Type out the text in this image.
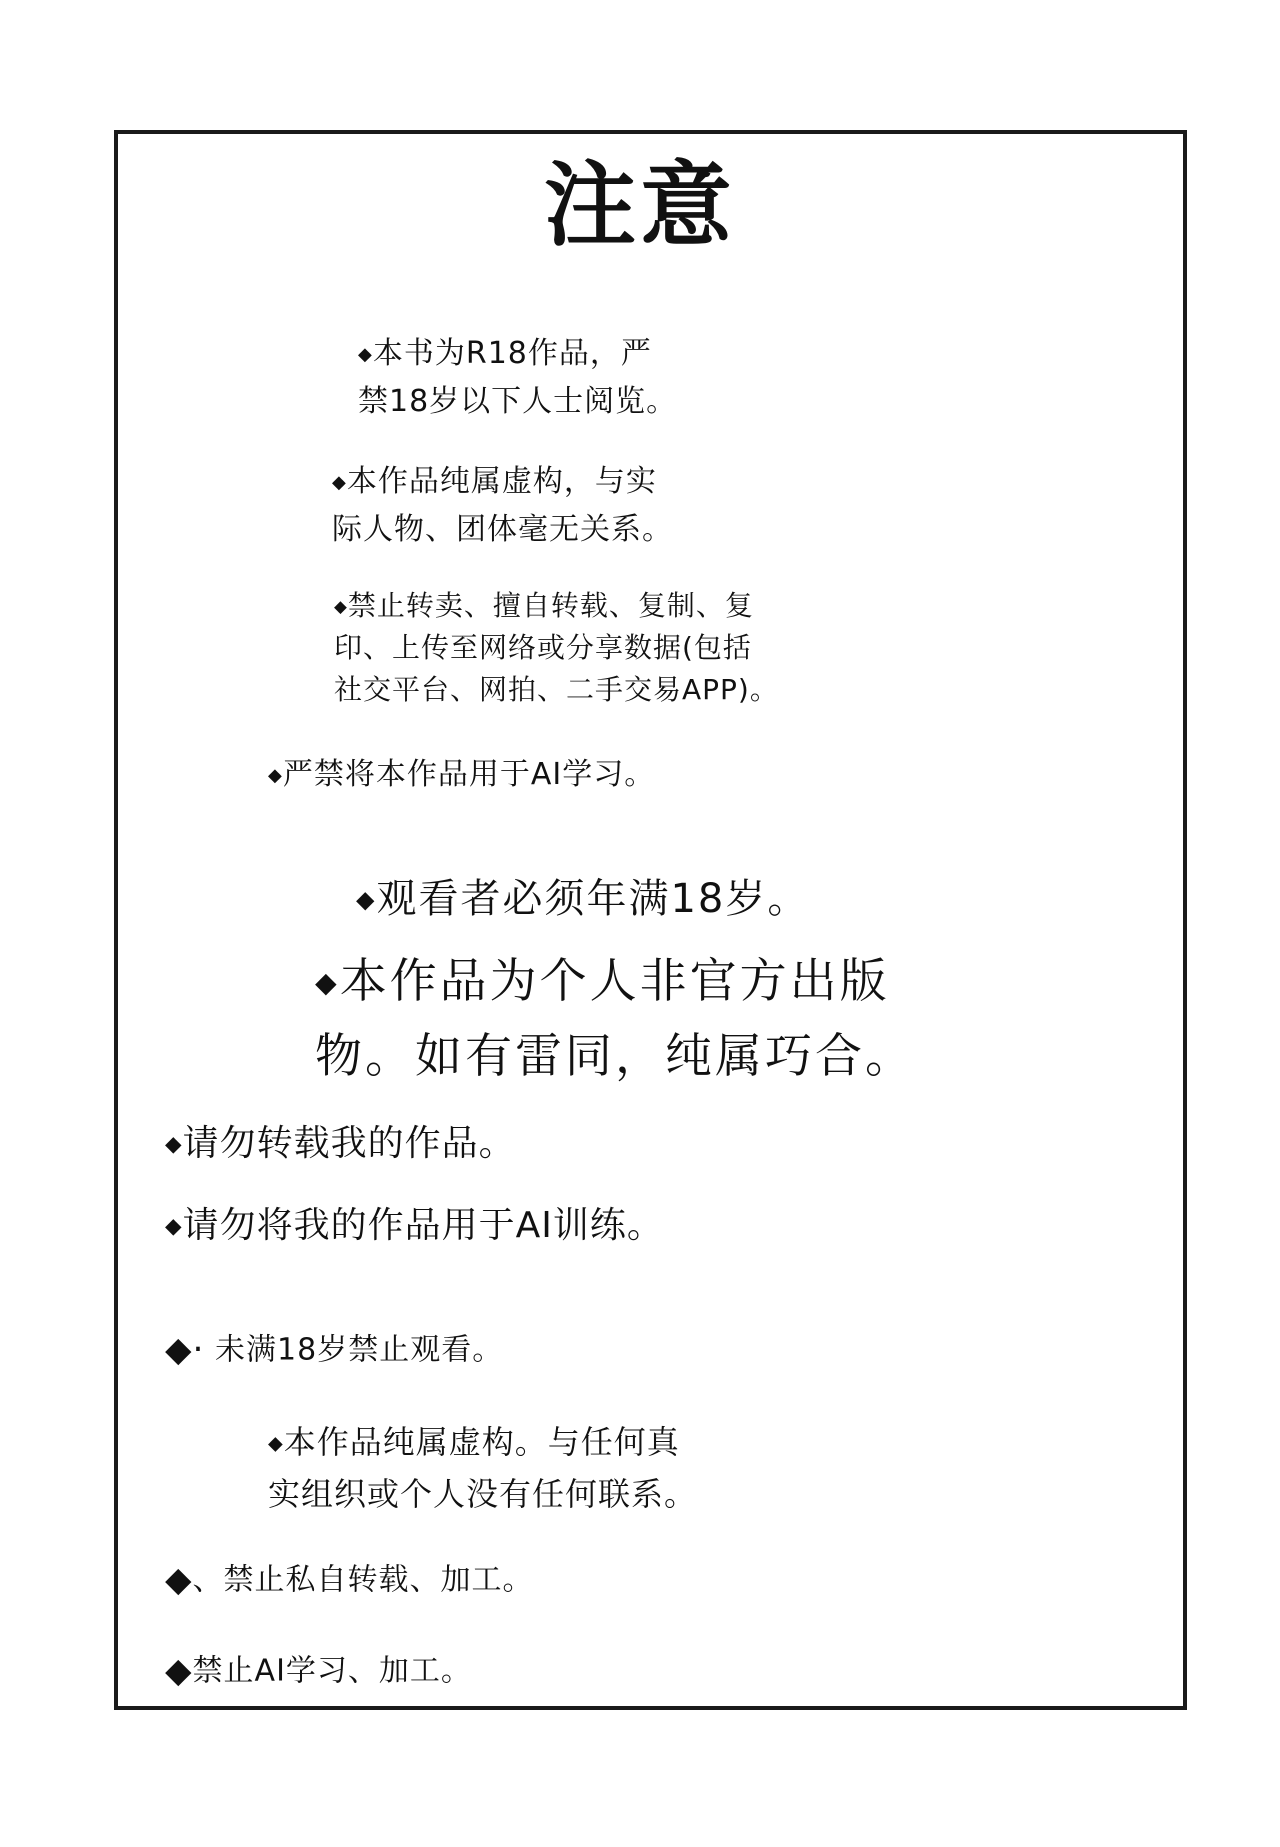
注意
◆本书为R18作品，严
禁18岁以下人士阅览。
◆本作品纯属虚构，与实
际人物、团体毫无关系。
◆禁止转卖、擅自转载、复制、复
印、上传至网络或分享数据(包括
社交平台、网拍、二手交易APP)。
◆严禁将本作品用于AI学习。
◆观看者必须年满18岁。
◆本作品为个人非官方出版
物。如有雷同，纯属巧合。
◆请勿转载我的作品。
◆请勿将我的作品用于AI训练。
◆· 未满18岁禁止观看。
◆本作品纯属虚构。与任何真
实组织或个人没有任何联系。
◆、禁止私自转载、加工。
◆禁止AI学习、加工。
